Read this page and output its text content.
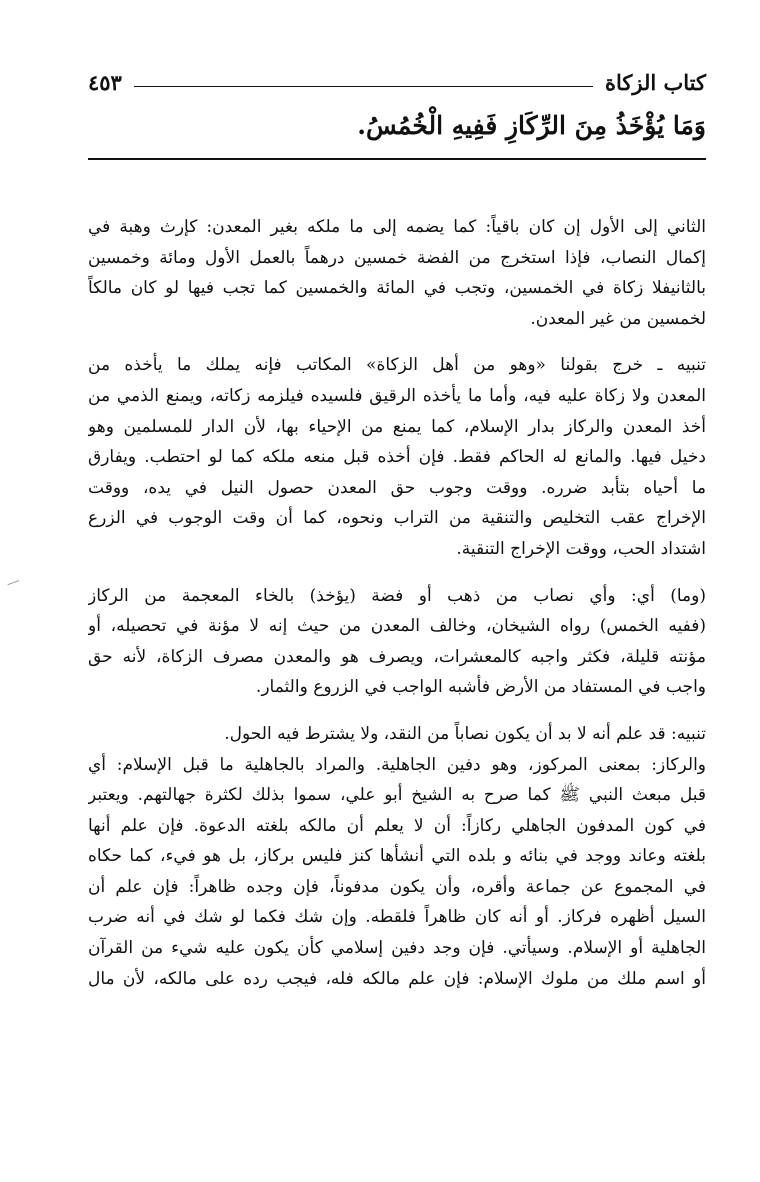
كتاب الزكاة
٤٥٣
وَمَا يُؤْخَذُ مِنَ الرِّكَازِ فَفِيهِ الْخُمُسُ.
الثاني إلى الأول إن كان باقياً: كما يضمه إلى ما ملكه بغير المعدن: كإرث وهبة في
إكمال النصاب، فإذا استخرج من الفضة خمسين درهماً بالعمل الأول ومائة وخمسين
بالثانيفلا زكاة في الخمسين، وتجب في المائة والخمسين كما تجب فيها لو كان مالكاً
لخمسين من غير المعدن.
تنبيه ـ خرج بقولنا «وهو من أهل الزكاة» المكاتب فإنه يملك ما يأخذه من
المعدن ولا زكاة عليه فيه، وأما ما يأخذه الرقيق فلسيده فيلزمه زكاته، ويمنع الذمي من
أخذ المعدن والركاز بدار الإسلام، كما يمنع من الإحياء بها، لأن الدار للمسلمين وهو
دخيل فيها. والمانع له الحاكم فقط. فإن أخذه قبل منعه ملكه كما لو احتطب. ويفارق
ما أحياه بتأبد ضرره. ووقت وجوب حق المعدن حصول النيل في يده، ووقت
الإخراج عقب التخليص والتنقية من التراب ونحوه، كما أن وقت الوجوب في الزرع
اشتداد الحب، ووقت الإخراج التنقية.
(وما) أي: وأي نصاب من ذهب أو فضة (يؤخذ) بالخاء المعجمة من الركاز
(ففيه الخمس) رواه الشيخان، وخالف المعدن من حيث إنه لا مؤنة في تحصيله، أو
مؤنته قليلة، فكثر واجبه كالمعشرات، ويصرف هو والمعدن مصرف الزكاة، لأنه حق
واجب في المستفاد من الأرض فأشبه الواجب في الزروع والثمار.
تنبيه: قد علم أنه لا بد أن يكون نصاباً من النقد، ولا يشترط فيه الحول.
والركاز: بمعنى المركوز، وهو دفين الجاهلية. والمراد بالجاهلية ما قبل الإسلام: أي
قبل مبعث النبي ﷺ كما صرح به الشيخ أبو علي، سموا بذلك لكثرة جهالتهم. ويعتبر
في كون المدفون الجاهلي ركازاً: أن لا يعلم أن مالكه بلغته الدعوة. فإن علم أنها
بلغته وعاند ووجد في بنائه و بلده التي أنشأها كنز فليس بركاز، بل هو فيء، كما حكاه
في المجموع عن جماعة وأقره، وأن يكون مدفوناً، فإن وجده ظاهراً: فإن علم أن
السيل أظهره فركاز. أو أنه كان ظاهراً فلقطه. وإن شك فكما لو شك في أنه ضرب
الجاهلية أو الإسلام. وسيأتي. فإن وجد دفين إسلامي كأن يكون عليه شيء من القرآن
أو اسم ملك من ملوك الإسلام: فإن علم مالكه فله، فيجب رده على مالكه، لأن مال
